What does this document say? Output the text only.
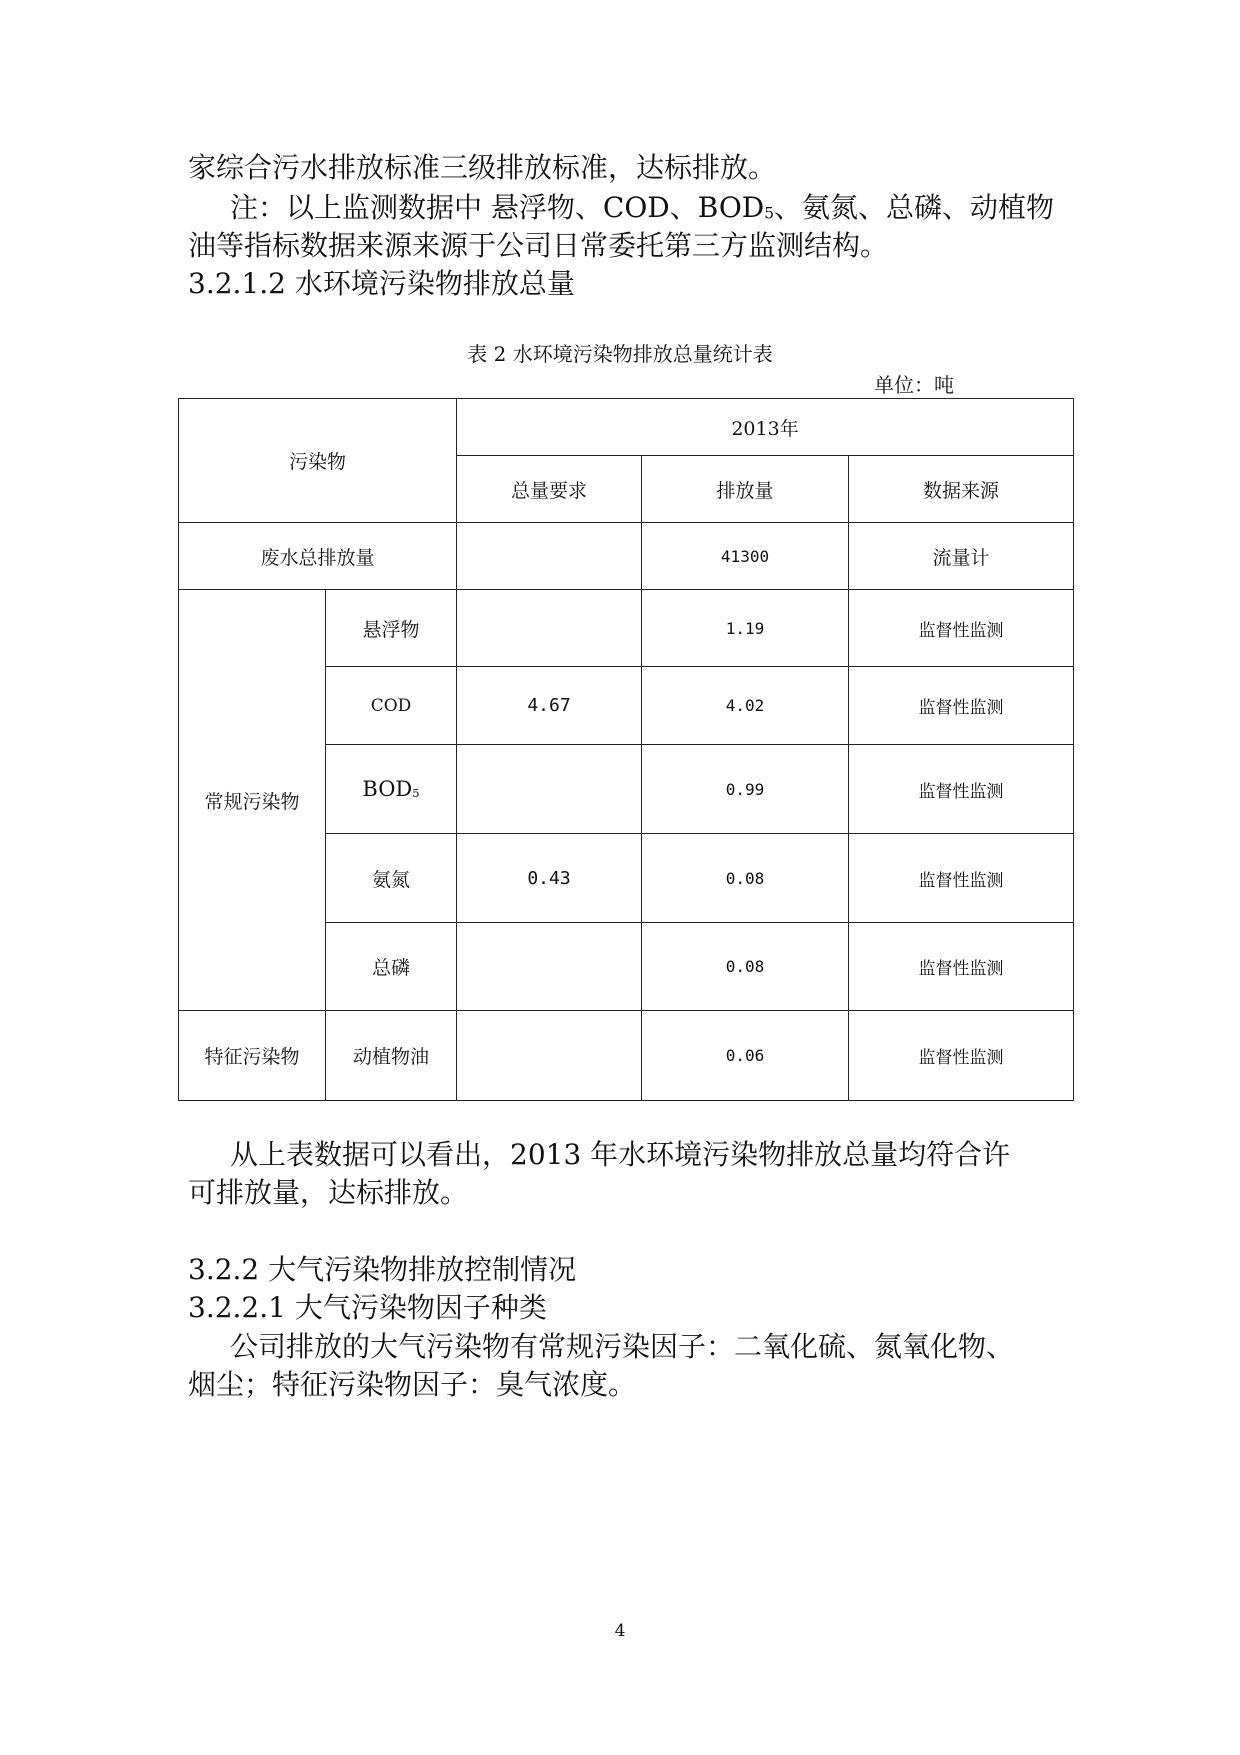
家综合污水排放标准三级排放标准，达标排放。
注：以上监测数据中 悬浮物、COD、$BOD_5$、氨氮、总磷、动植物
油等指标数据来源来源于公司日常委托第三方监测结构。
3.2.1.2 水环境污染物排放总量
表 2 水环境污染物排放总量统计表
单位：吨
污染物		2013年		
		总量要求	排放量	数据来源
废水总排放量			41300	流量计
常规污染物	悬浮物		1.19	监督性监测
	COD	4.67	4.02	监督性监测
	$BOD_5$		0.99	监督性监测
	氨氮	0.43	0.08	监督性监测
	总磷		0.08	监督性监测
特征污染物	动植物油		0.06	监督性监测
从上表数据可以看出，2013 年水环境污染物排放总量均符合许
可排放量，达标排放。
3.2.2 大气污染物排放控制情况
3.2.2.1 大气污染物因子种类
公司排放的大气污染物有常规污染因子：二氧化硫、氮氧化物、
烟尘；特征污染物因子：臭气浓度。
4
